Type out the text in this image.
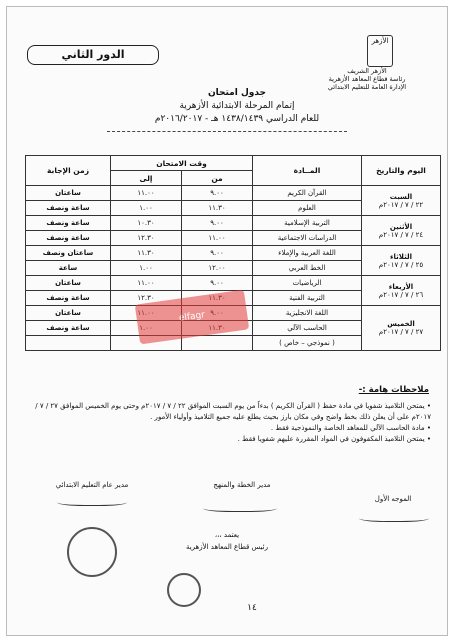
الأزهر
الأزهر الشريف
رئاسة قطاع المعاهد الأزهرية
الإدارة العامة للتعليم الابتدائي
الدور الثاني
جدول امتحان
إتمام المرحلة الابتدائية الأزهرية
للعام الدراسي ١٤٣٨/١٤٣٩ هـ - ٢٠١٦/٢٠١٧م
اليوم والتاريخ	المــادة	وقت الامتحان		زمن الإجابة
		من	إلى	

السبت
٢٢ / ٧ / ٢٠١٧م	القرآن الكريم	٩.٠٠	١١.٠٠	ساعتان
	العلوم	١١.٣٠	١.٠٠	ساعة ونصف

الأثنين
٢٤ / ٧ / ٢٠١٧م	التربية الإسلامية	٩.٠٠	١٠.٣٠	ساعة ونصف
	الدراسات الاجتماعية	١١.٠٠	١٢.٣٠	ساعة ونصف

الثلاثاء
٢٥ / ٧ / ٢٠١٧م	اللغة العربية والإملاء	٩.٠٠	١١.٣٠	ساعتان ونصف
	الخط العربي	١٢.٠٠	١.٠٠	ساعة

الأربعاء
٢٦ / ٧ / ٢٠١٧م	الرياضيات	٩.٠٠	١١.٠٠	ساعتان
	التربية الفنية		١٢.٣٠	ساعة ونصف

الخميس
٢٧ / ٧ / ٢٠١٧م	اللغة الانجليزية			ساعتان
	الحاسب الآلي			ساعة ونصف
	( نموذجي – خاص )			
elfagr
ملاحظات هامة :-
• يمتحن التلاميذ شفويا في مادة حفظ ( القرآن الكريم ) بدءاً من يوم السبت الموافق ٢٢ / ٧ / ٢٠١٧م وحتى يوم الخميس الموافق ٢٧ / ٧ / ٢٠١٧م على أن يعلن ذلك بخط واضح وفي مكان بارز بحيث يطلع عليه جميع التلاميذ وأولياء الأمور .
• مادة الحاسب الآلي للمعاهد الخاصة والنموذجية فقط .
• يمتحن التلاميذ المكفوفون في المواد المقررة عليهم شفويا فقط .
الموجه الأول
مدير الخطة والمنهج
مدير عام التعليم الابتدائي
يعتمد ،،،
رئيس قطاع المعاهد الأزهرية
١٤
